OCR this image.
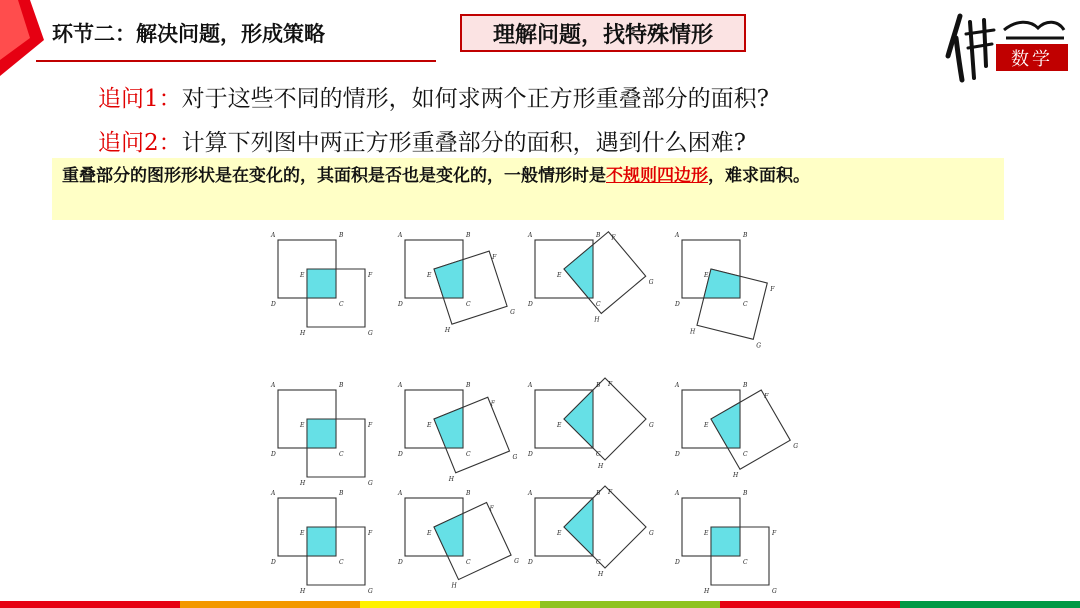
环节二：解决问题，形成策略	理解问题，找特殊情形
数学
追问1：对于这些不同的情形，如何求两个正方形重叠部分的面积?
追问2：计算下列图中两正方形重叠部分的面积，遇到什么困难?
重叠部分的图形形状是在变化的，其面积是否也是变化的，一般情形时是不规则四边形，难求面积。
A	B
E	F
D	C
H	G
A	B
E
F
D	C
H
G
A	B
E
F
D	C
H
G
A	B
E
F
D	C
H
G
A	B
E	F
D	C
H	G
A	B
E
F
D	C
H
G
A	B
E
F
D	C
H
G
A	B
E
F
D	C
H
G
A	B
E	F
D	C
H	G
A	B
E
F
D	C
H
G
A	B
E
F
D	C
H
G
A	B
E	F
D	C
H	G
